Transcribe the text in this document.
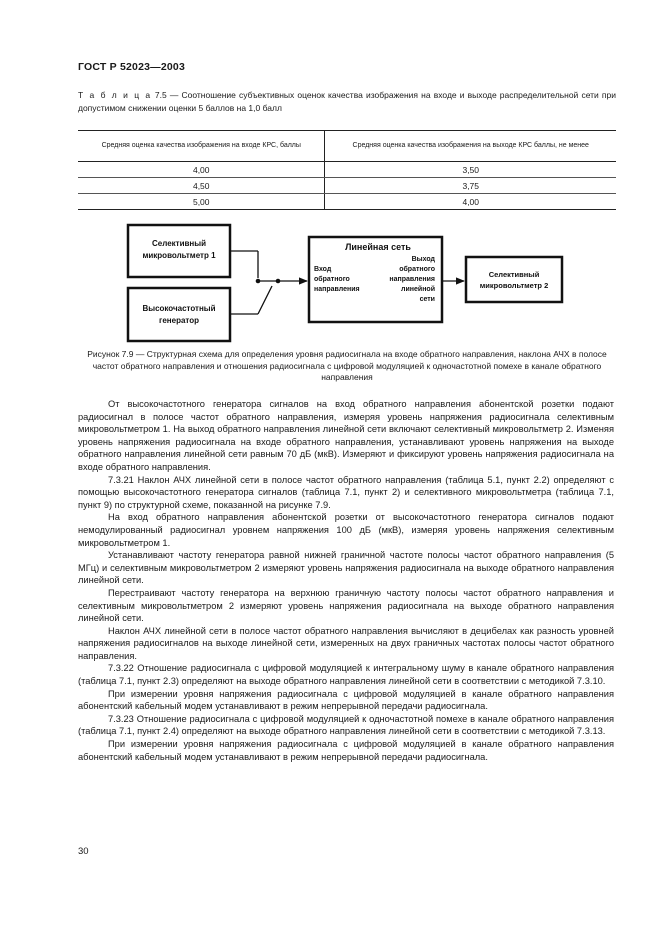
ГОСТ Р 52023—2003
Т а б л и ц а 7.5 — Соотношение субъективных оценок качества изображения на входе и выходе распределительной сети при допустимом снижении оценки 5 баллов на 1,0 балл
Средняя оценка качества изображения на входе КРС, баллы	Средняя оценка качества изображения на выходе КРС баллы, не менее
4,00	3,50
4,50	3,75
5,00	4,00
Селективный
микровольтметр 1
Высокочастотный
генератор
Линейная сеть
Вход
обратного
направления
Выход
обратного
направления
линейной
сети
Селективный
микровольтметр 2
Рисунок 7.9 — Структурная схема для определения уровня радиосигнала на входе обратного направления, наклона АЧХ в полосе частот обратного направления и отношения радиосигнала с цифровой модуляцией к одночастотной помехе в канале обратного направления

От высокочастотного генератора сигналов на вход обратного направления абонентской розетки подают радиосигнал в полосе частот обратного направления, измеряя уровень напряжения радиосигнала селективным микровольтметром 1. На выход обратного направления линейной сети включают селективный микровольтметр 2. Изменяя уровень напряжения радиосигнала на входе обратного направления, устанавливают уровень напряжения на выходе обратного направления линейной сети равным 70 дБ (мкВ). Измеряют и фиксируют уровень напряжения радиосигнала на входе обратного направления.

7.3.21 Наклон АЧХ линейной сети в полосе частот обратного направления (таблица 5.1, пункт 2.2) определяют с помощью высокочастотного генератора сигналов (таблица 7.1, пункт 2) и селективного микровольтметра (таблица 7.1, пункт 9) по структурной схеме, показанной на рисунке 7.9.

На вход обратного направления абонентской розетки от высокочастотного генератора сигналов подают немодулированный радиосигнал уровнем напряжения 100 дБ (мкВ), измеряя уровень напряжения селективным микровольтметром 1.

Устанавливают частоту генератора равной нижней граничной частоте полосы частот обратного направления (5 МГц) и селективным микровольтметром 2 измеряют уровень напряжения радиосигнала на выходе обратного направления линейной сети.

Перестраивают частоту генератора на верхнюю граничную частоту полосы частот обратного направления и селективным микровольтметром 2 измеряют уровень напряжения радиосигнала на выходе обратного направления линейной сети.

Наклон АЧХ линейной сети в полосе частот обратного направления вычисляют в децибелах как разность уровней напряжения радиосигналов на выходе линейной сети, измеренных на двух граничных частотах полосы частот обратного направления.

7.3.22 Отношение радиосигнала с цифровой модуляцией к интегральному шуму в канале обратного направления (таблица 7.1, пункт 2.3) определяют на выходе обратного направления линейной сети в соответствии с методикой 7.3.10.

При измерении уровня напряжения радиосигнала с цифровой модуляцией в канале обратного направления абонентский кабельный модем устанавливают в режим непрерывной передачи радиосигнала.

7.3.23 Отношение радиосигнала с цифровой модуляцией к одночастотной помехе в канале обратного направления (таблица 7.1, пункт 2.4) определяют на выходе обратного направления линейной сети в соответствии с методикой 7.3.13.

При измерении уровня напряжения радиосигнала с цифровой модуляцией в канале обратного направления абонентский кабельный модем устанавливают в режим непрерывной передачи радиосигнала.

30
